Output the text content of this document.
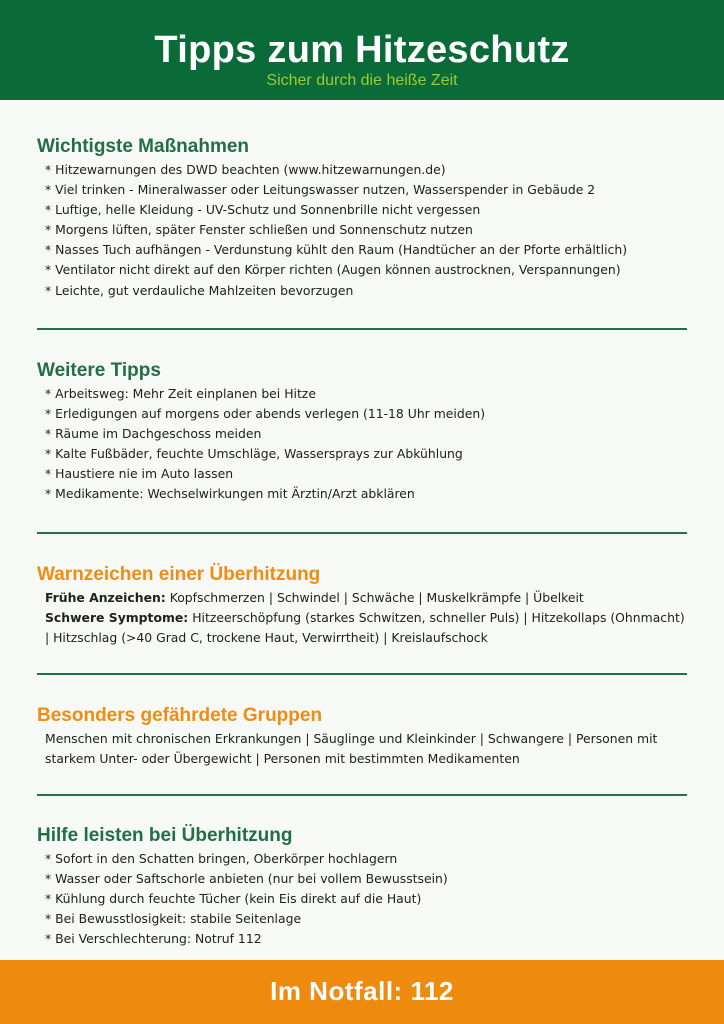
Tipps zum Hitzeschutz
Sicher durch die heiße Zeit
Wichtigste Maßnahmen
* Hitzewarnungen des DWD beachten (www.hitzewarnungen.de)
* Viel trinken - Mineralwasser oder Leitungswasser nutzen, Wasserspender in Gebäude 2
* Luftige, helle Kleidung - UV-Schutz und Sonnenbrille nicht vergessen
* Morgens lüften, später Fenster schließen und Sonnenschutz nutzen
* Nasses Tuch aufhängen - Verdunstung kühlt den Raum (Handtücher an der Pforte erhältlich)
* Ventilator nicht direkt auf den Körper richten (Augen können austrocknen, Verspannungen)
* Leichte, gut verdauliche Mahlzeiten bevorzugen
Weitere Tipps
* Arbeitsweg: Mehr Zeit einplanen bei Hitze
* Erledigungen auf morgens oder abends verlegen (11-18 Uhr meiden)
* Räume im Dachgeschoss meiden
* Kalte Fußbäder, feuchte Umschläge, Wassersprays zur Abkühlung
* Haustiere nie im Auto lassen
* Medikamente: Wechselwirkungen mit Ärztin/Arzt abklären
Warnzeichen einer Überhitzung
Frühe Anzeichen: Kopfschmerzen | Schwindel | Schwäche | Muskelkrämpfe | Übelkeit
Schwere Symptome: Hitzeerschöpfung (starkes Schwitzen, schneller Puls) | Hitzekollaps (Ohnmacht) | Hitzschlag (>40 Grad C, trockene Haut, Verwirrtheit) | Kreislaufschock
Besonders gefährdete Gruppen
Menschen mit chronischen Erkrankungen | Säuglinge und Kleinkinder | Schwangere | Personen mit starkem Unter- oder Übergewicht | Personen mit bestimmten Medikamenten
Hilfe leisten bei Überhitzung
* Sofort in den Schatten bringen, Oberkörper hochlagern
* Wasser oder Saftschorle anbieten (nur bei vollem Bewusstsein)
* Kühlung durch feuchte Tücher (kein Eis direkt auf die Haut)
* Bei Bewusstlosigkeit: stabile Seitenlage
* Bei Verschlechterung: Notruf 112
Im Notfall: 112
